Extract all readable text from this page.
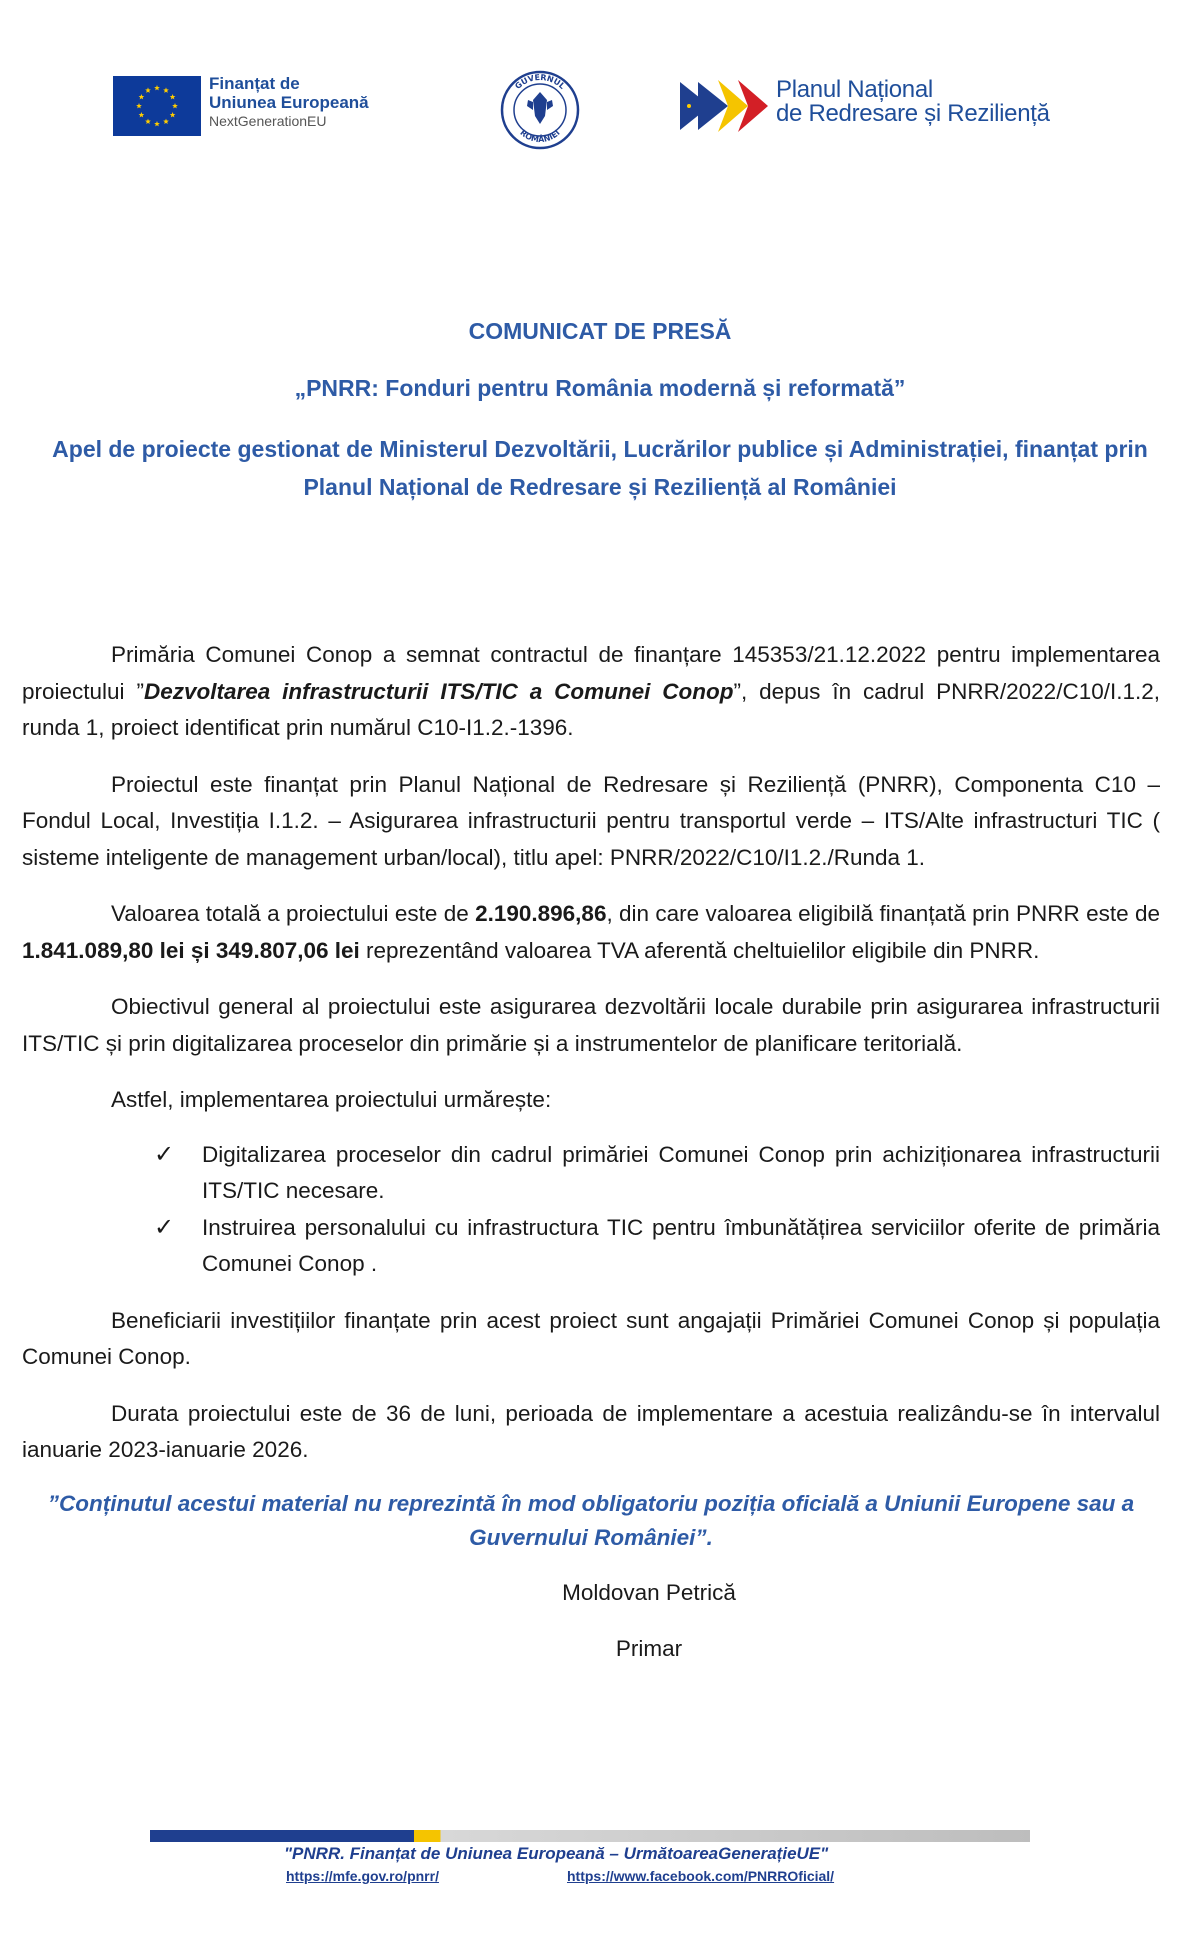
Finanțat de
Uniunea Europeană
NextGenerationEU
GUVERNUL
ROMÂNIEI
Planul Național
de Redresare și Reziliență
COMUNICAT DE PRESĂ
„PNRR: Fonduri pentru România modernă și reformată”
Apel de proiecte gestionat de Ministerul Dezvoltării, Lucrărilor publice și Administrației, finanțat prin Planul Național de Redresare și Reziliență al României

Primăria Comunei Conop a semnat contractul de finanțare 145353/21.12.2022 pentru implementarea proiectului ”Dezvoltarea infrastructurii ITS/TIC a Comunei Conop”, depus în cadrul PNRR/2022/C10/I.1.2, runda 1, proiect identificat prin numărul C10-I1.2.-1396.

Proiectul este finanțat prin Planul Național de Redresare și Reziliență (PNRR), Componenta C10 – Fondul Local, Investiția I.1.2. – Asigurarea infrastructurii pentru transportul verde – ITS/Alte infrastructuri TIC ( sisteme inteligente de management urban/local), titlu apel: PNRR/2022/C10/I1.2./Runda 1.

Valoarea totală a proiectului este de 2.190.896,86, din care valoarea eligibilă finanțată prin PNRR este de 1.841.089,80 lei și 349.807,06 lei reprezentând valoarea TVA aferentă cheltuielilor eligibile din PNRR.

Obiectivul general al proiectului este asigurarea dezvoltării locale durabile prin asigurarea infrastructurii ITS/TIC și prin digitalizarea proceselor din primărie și a instrumentelor de planificare teritorială.

Astfel, implementarea proiectului urmărește:

✓ Digitalizarea proceselor din cadrul primăriei Comunei Conop prin achiziționarea infrastructurii ITS/TIC necesare.
✓ Instruirea personalului cu infrastructura TIC pentru îmbunătățirea serviciilor oferite de primăria Comunei Conop .

Beneficiarii investițiilor finanțate prin acest proiect sunt angajații Primăriei Comunei Conop și populația Comunei Conop.

Durata proiectului este de 36 de luni, perioada de implementare a acestuia realizându-se în intervalul ianuarie 2023-ianuarie 2026.

”Conținutul acestui material nu reprezintă în mod obligatoriu poziția oficială a Uniunii Europene sau a Guvernului României”.

Moldovan Petrică

Primar

"PNRR. Finanțat de Uniunea Europeană – UrmătoareaGenerațieUE"
https://mfe.gov.ro/pnrr/	https://www.facebook.com/PNRROficial/
